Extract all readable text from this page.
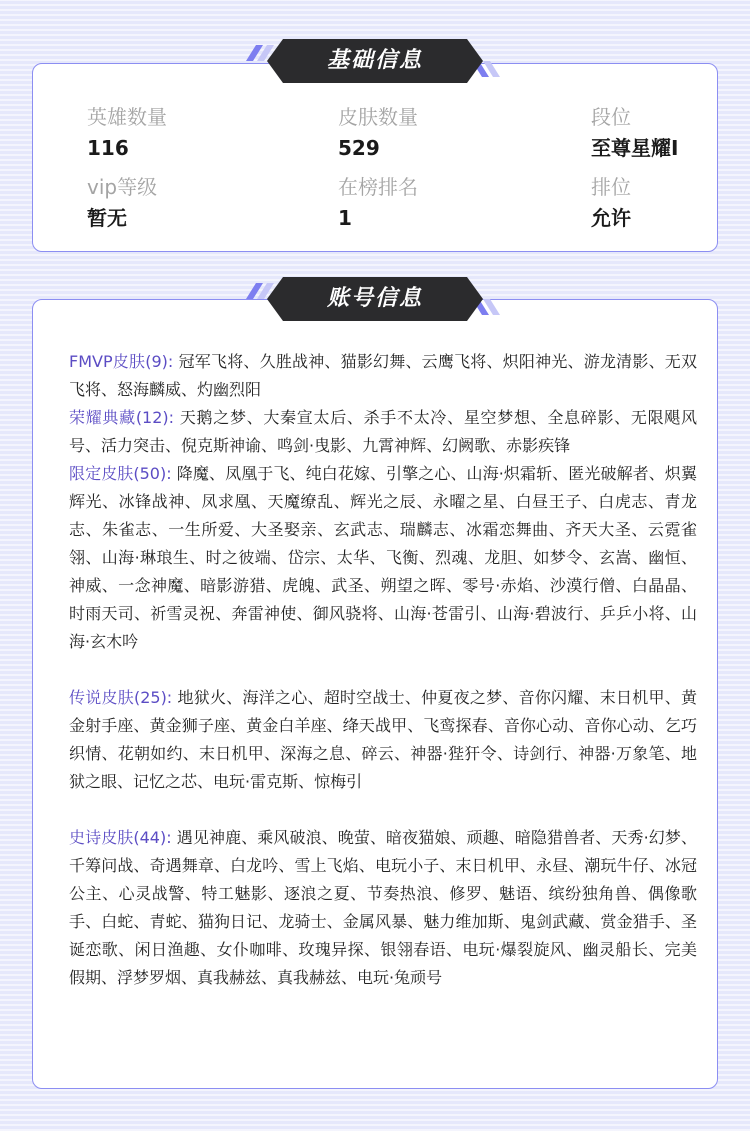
英雄数量
116
皮肤数量
529
段位
至尊星耀I
vip等级
暂无
在榜排名
1
排位
允许
基础信息
FMVP皮肤(9): 冠军飞将、久胜战神、猫影幻舞、云鹰飞将、炽阳神光、游龙清影、无双飞将、怒海麟威、灼幽烈阳
荣耀典藏(12): 天鹅之梦、大秦宣太后、杀手不太冷、星空梦想、全息碎影、无限飓风号、活力突击、倪克斯神谕、鸣剑·曳影、九霄神辉、幻阙歌、赤影疾锋
限定皮肤(50): 降魔、凤凰于飞、纯白花嫁、引擎之心、山海·炽霜斩、匿光破解者、炽翼辉光、冰锋战神、凤求凰、天魔缭乱、辉光之辰、永曜之星、白昼王子、白虎志、青龙志、朱雀志、一生所爱、大圣娶亲、玄武志、瑞麟志、冰霜恋舞曲、齐天大圣、云霓雀翎、山海·琳琅生、时之彼端、岱宗、太华、飞衡、烈魂、龙胆、如梦令、玄嵩、幽恒、神威、一念神魔、暗影游猎、虎魄、武圣、朔望之晖、零号·赤焰、沙漠行僧、白晶晶、时雨天司、祈雪灵祝、奔雷神使、御风骁将、山海·苍雷引、山海·碧波行、乒乒小将、山海·玄木吟
传说皮肤(25): 地狱火、海洋之心、超时空战士、仲夏夜之梦、音你闪耀、末日机甲、黄金射手座、黄金狮子座、黄金白羊座、绛天战甲、飞鸾探春、音你心动、音你心动、乞巧织情、花朝如约、末日机甲、深海之息、碎云、神器·狴犴令、诗剑行、神器·万象笔、地狱之眼、记忆之芯、电玩·雷克斯、惊梅引
史诗皮肤(44): 遇见神鹿、乘风破浪、晚萤、暗夜猫娘、顽趣、暗隐猎兽者、天秀·幻梦、千筹问战、奇遇舞章、白龙吟、雪上飞焰、电玩小子、末日机甲、永昼、潮玩牛仔、冰冠公主、心灵战警、特工魅影、逐浪之夏、节奏热浪、修罗、魅语、缤纷独角兽、偶像歌手、白蛇、青蛇、猫狗日记、龙骑士、金属风暴、魅力维加斯、鬼剑武藏、赏金猎手、圣诞恋歌、闲日渔趣、女仆咖啡、玫瑰异探、银翎春语、电玩·爆裂旋风、幽灵船长、完美假期、浮梦罗烟、真我赫兹、真我赫兹、电玩·兔顽号
账号信息
